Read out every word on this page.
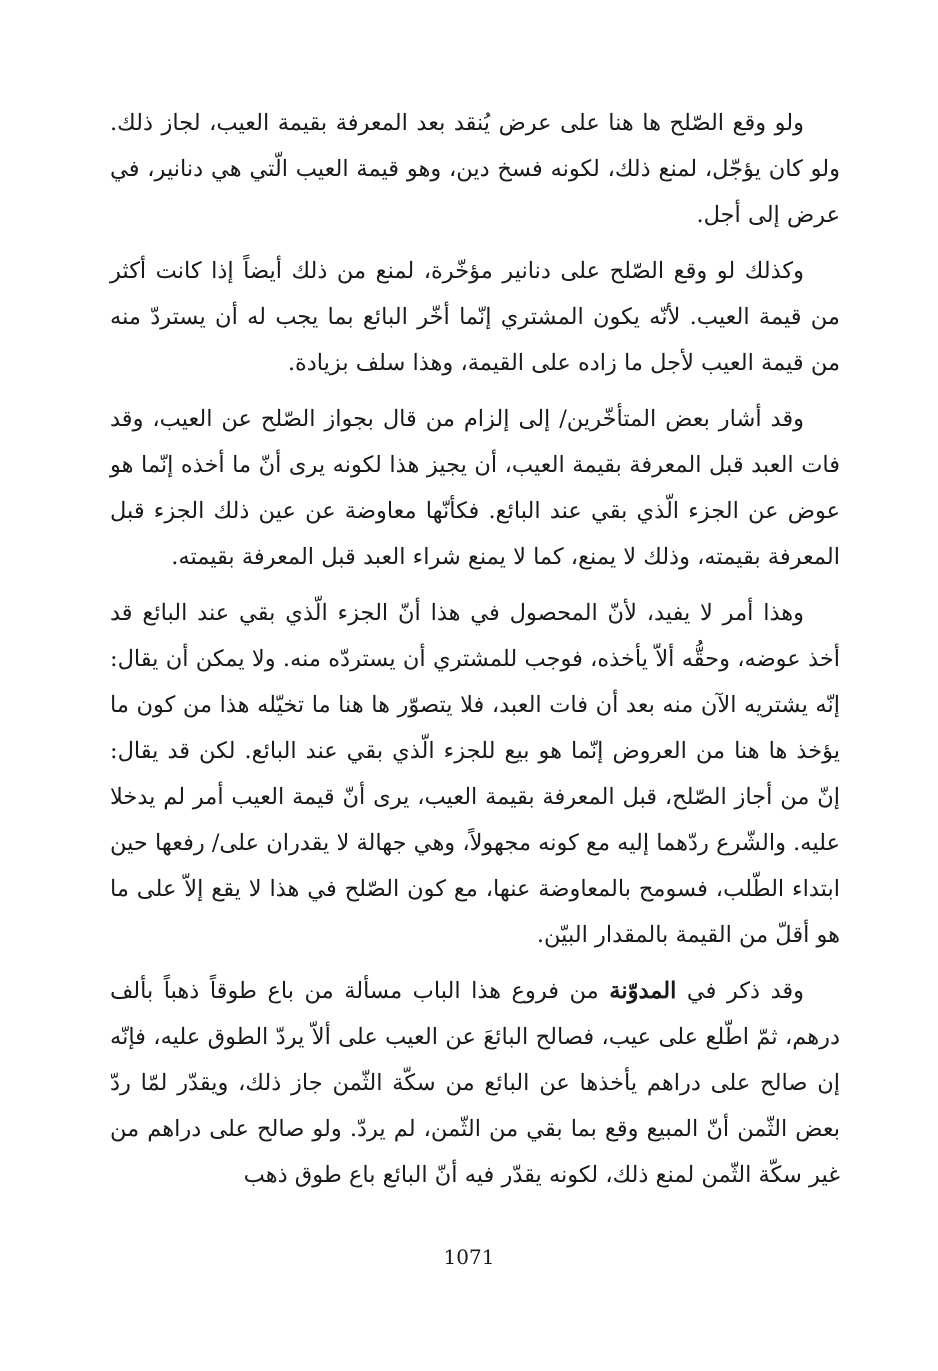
ولو وقع الصّلح ها هنا على عرض يُنقد بعد المعرفة بقيمة العيب، لجاز ذلك. ولو كان يؤجّل، لمنع ذلك، لكونه فسخ دين، وهو قيمة العيب الّتي هي دنانير، في عرض إلى أجل.

وكذلك لو وقع الصّلح على دنانير مؤخّرة، لمنع من ذلك أيضاً إذا كانت أكثر من قيمة العيب. لأنّه يكون المشتري إنّما أخّر البائع بما يجب له أن يستردّ منه من قيمة العيب لأجل ما زاده على القيمة، وهذا سلف بزيادة.

وقد أشار بعض المتأخّرين/ إلى إلزام من قال بجواز الصّلح عن العيب، وقد فات العبد قبل المعرفة بقيمة العيب، أن يجيز هذا لكونه يرى أنّ ما أخذه إنّما هو عوض عن الجزء الّذي بقي عند البائع. فكأنّها معاوضة عن عين ذلك الجزء قبل المعرفة بقيمته، وذلك لا يمنع، كما لا يمنع شراء العبد قبل المعرفة بقيمته.

وهذا أمر لا يفيد، لأنّ المحصول في هذا أنّ الجزء الّذي بقي عند البائع قد أخذ عوضه، وحقُّه ألاّ يأخذه، فوجب للمشتري أن يستردّه منه. ولا يمكن أن يقال: إنّه يشتريه الآن منه بعد أن فات العبد، فلا يتصوّر ها هنا ما تخيّله هذا من كون ما يؤخذ ها هنا من العروض إنّما هو بيع للجزء الّذي بقي عند البائع. لكن قد يقال: إنّ من أجاز الصّلح، قبل المعرفة بقيمة العيب، يرى أنّ قيمة العيب أمر لم يدخلا عليه. والشّرع ردّهما إليه مع كونه مجهولاً، وهي جهالة لا يقدران على/ رفعها حين ابتداء الطّلب، فسومح بالمعاوضة عنها، مع كون الصّلح في هذا لا يقع إلاّ على ما هو أقلّ من القيمة بالمقدار البيّن.

وقد ذكر في المدوّنة من فروع هذا الباب مسألة من باع طوقاً ذهباً بألف درهم، ثمّ اطّلع على عيب، فصالح البائعَ عن العيب على ألاّ يردّ الطوق عليه، فإنّه إن صالح على دراهم يأخذها عن البائع من سكّة الثّمن جاز ذلك، ويقدّر لمّا ردّ بعض الثّمن أنّ المبيع وقع بما بقي من الثّمن، لم يردّ. ولو صالح على دراهم من غير سكّة الثّمن لمنع ذلك، لكونه يقدّر فيه أنّ البائع باع طوق ذهب

1071
